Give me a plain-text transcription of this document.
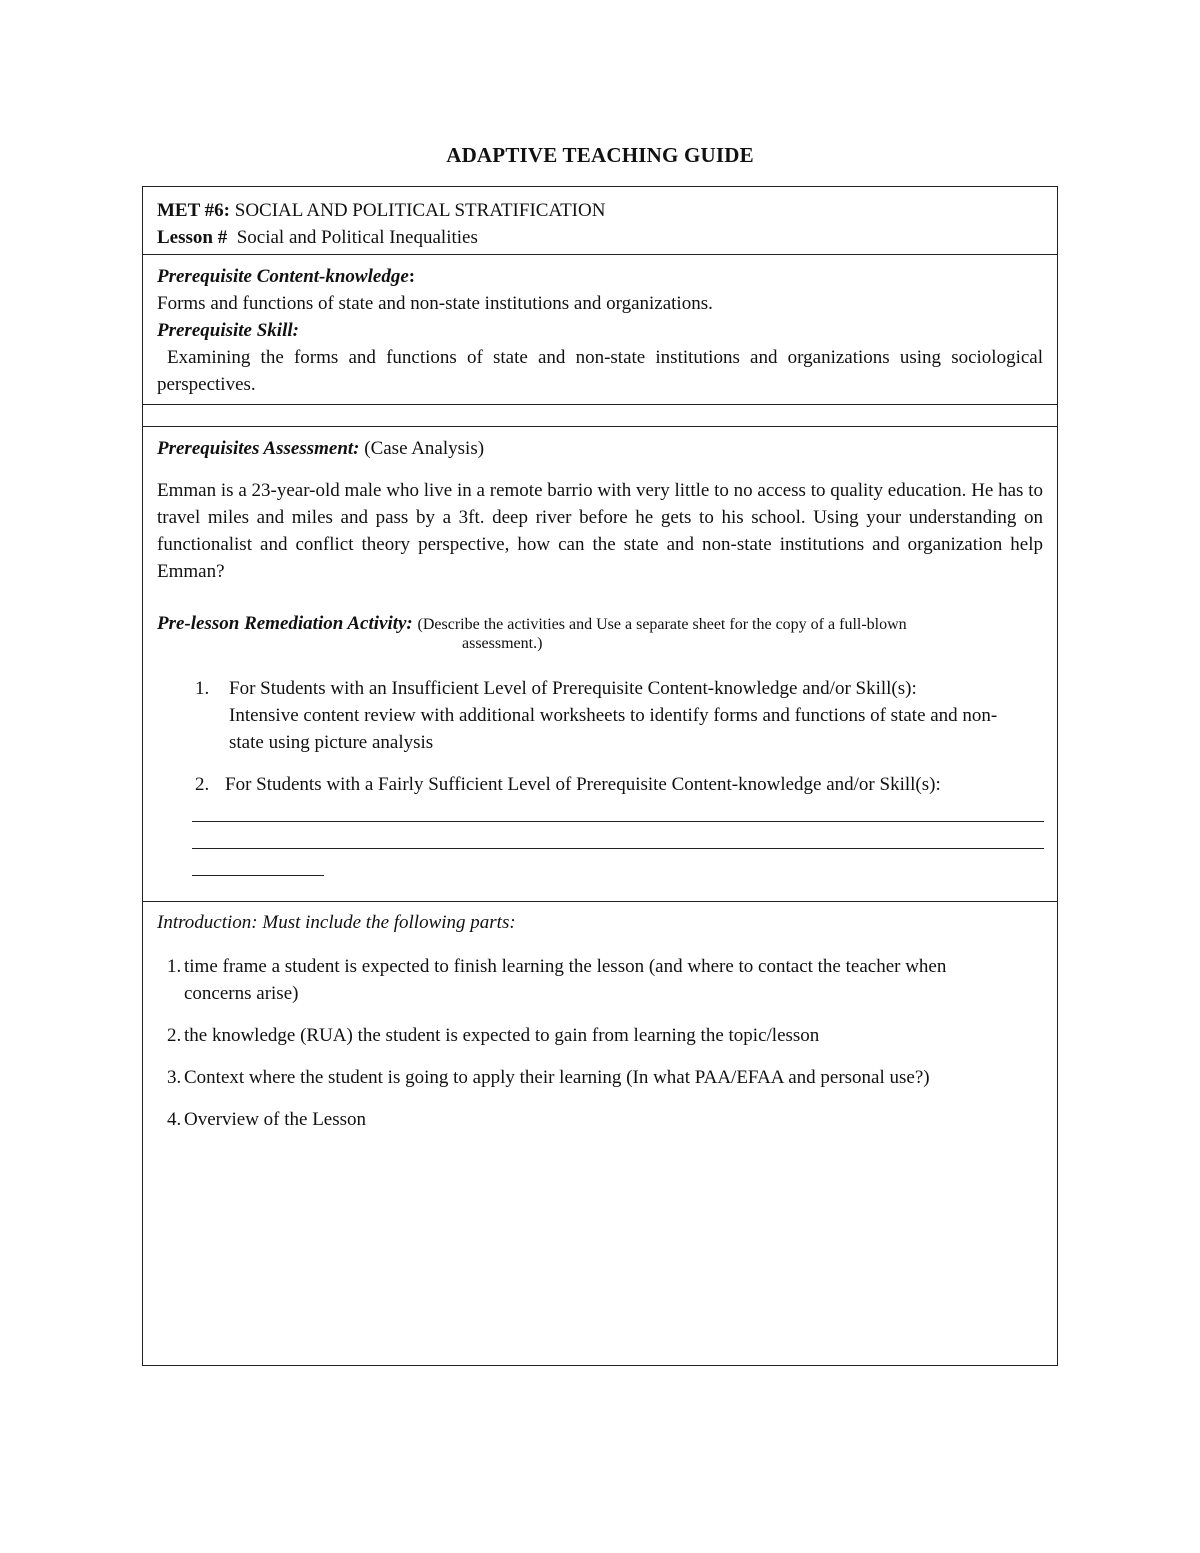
ADAPTIVE TEACHING GUIDE
MET #6: SOCIAL AND POLITICAL STRATIFICATION
Lesson # Social and Political Inequalities
Prerequisite Content-knowledge:
Forms and functions of state and non-state institutions and organizations.
Prerequisite Skill:
Examining the forms and functions of state and non-state institutions and organizations using sociological perspectives.
Prerequisites Assessment: (Case Analysis)
Emman is a 23-year-old male who live in a remote barrio with very little to no access to quality education. He has to travel miles and miles and pass by a 3ft. deep river before he gets to his school. Using your understanding on functionalist and conflict theory perspective, how can the state and non-state institutions and organization help Emman?
Pre-lesson Remediation Activity: (Describe the activities and Use a separate sheet for the copy of a full-blown
assessment.)
1. For Students with an Insufficient Level of Prerequisite Content-knowledge and/or Skill(s):
Intensive content review with additional worksheets to identify forms and functions of state and non-state using picture analysis
2. For Students with a Fairly Sufficient Level of Prerequisite Content-knowledge and/or Skill(s):
Introduction: Must include the following parts:
1. time frame a student is expected to finish learning the lesson (and where to contact the teacher when concerns arise)
2. the knowledge (RUA) the student is expected to gain from learning the topic/lesson
3. Context where the student is going to apply their learning (In what PAA/EFAA and personal use?)
4. Overview of the Lesson
